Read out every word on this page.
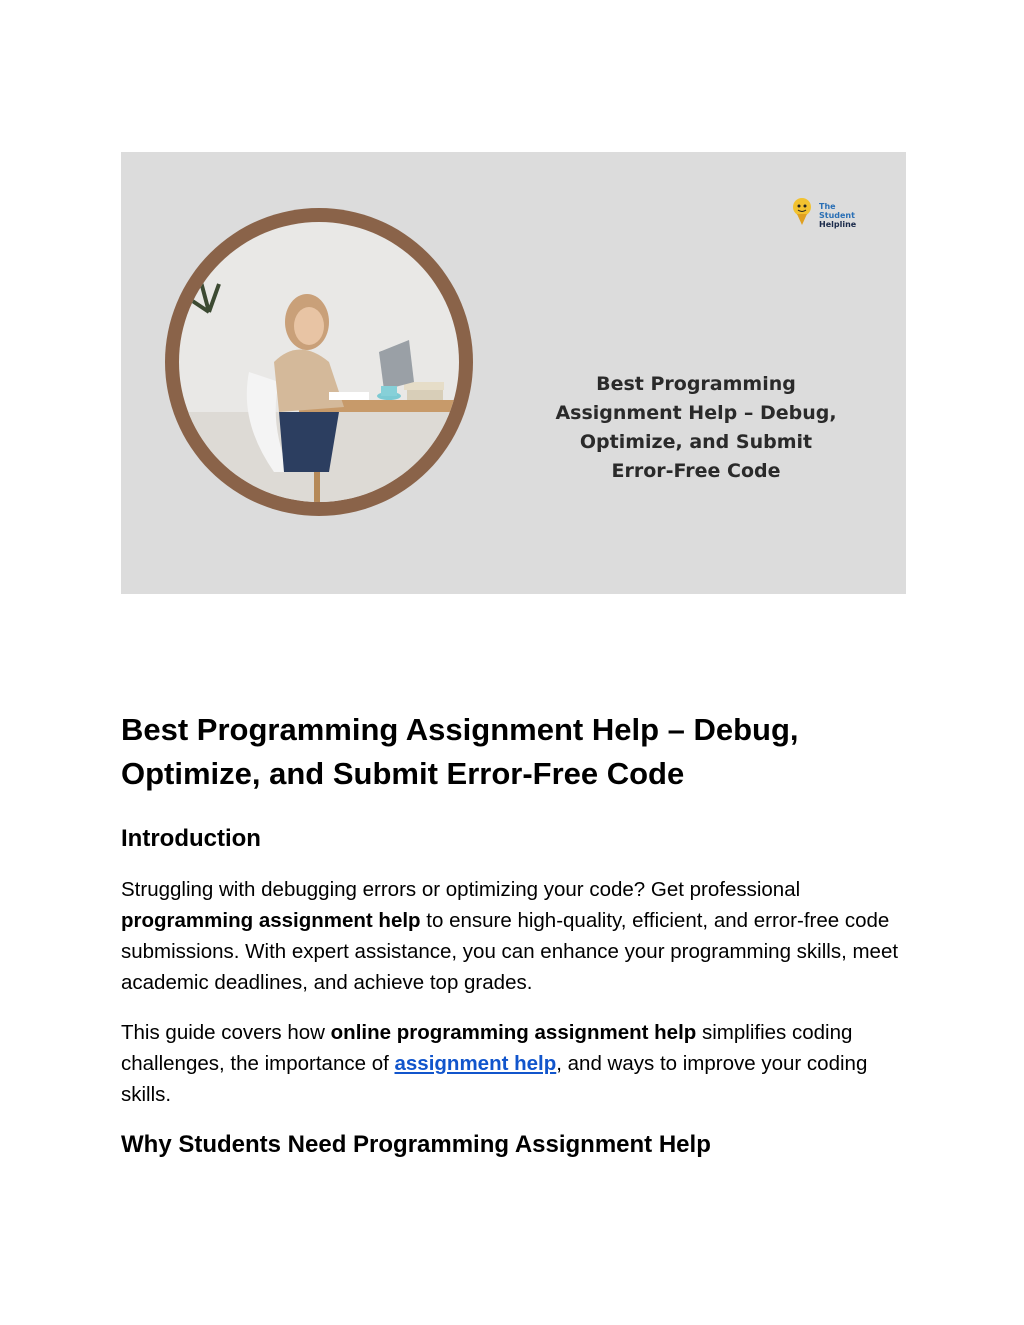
The Student
Helpline
Best Programming Assignment Help – Debug, Optimize, and Submit Error-Free Code
Best Programming Assignment Help – Debug, Optimize, and Submit Error-Free Code
Introduction

Struggling with debugging errors or optimizing your code? Get professional programming assignment help to ensure high-quality, efficient, and error-free code submissions. With expert assistance, you can enhance your programming skills, meet academic deadlines, and achieve top grades.

This guide covers how online programming assignment help simplifies coding challenges, the importance of assignment help, and ways to improve your coding skills.

Why Students Need Programming Assignment Help
